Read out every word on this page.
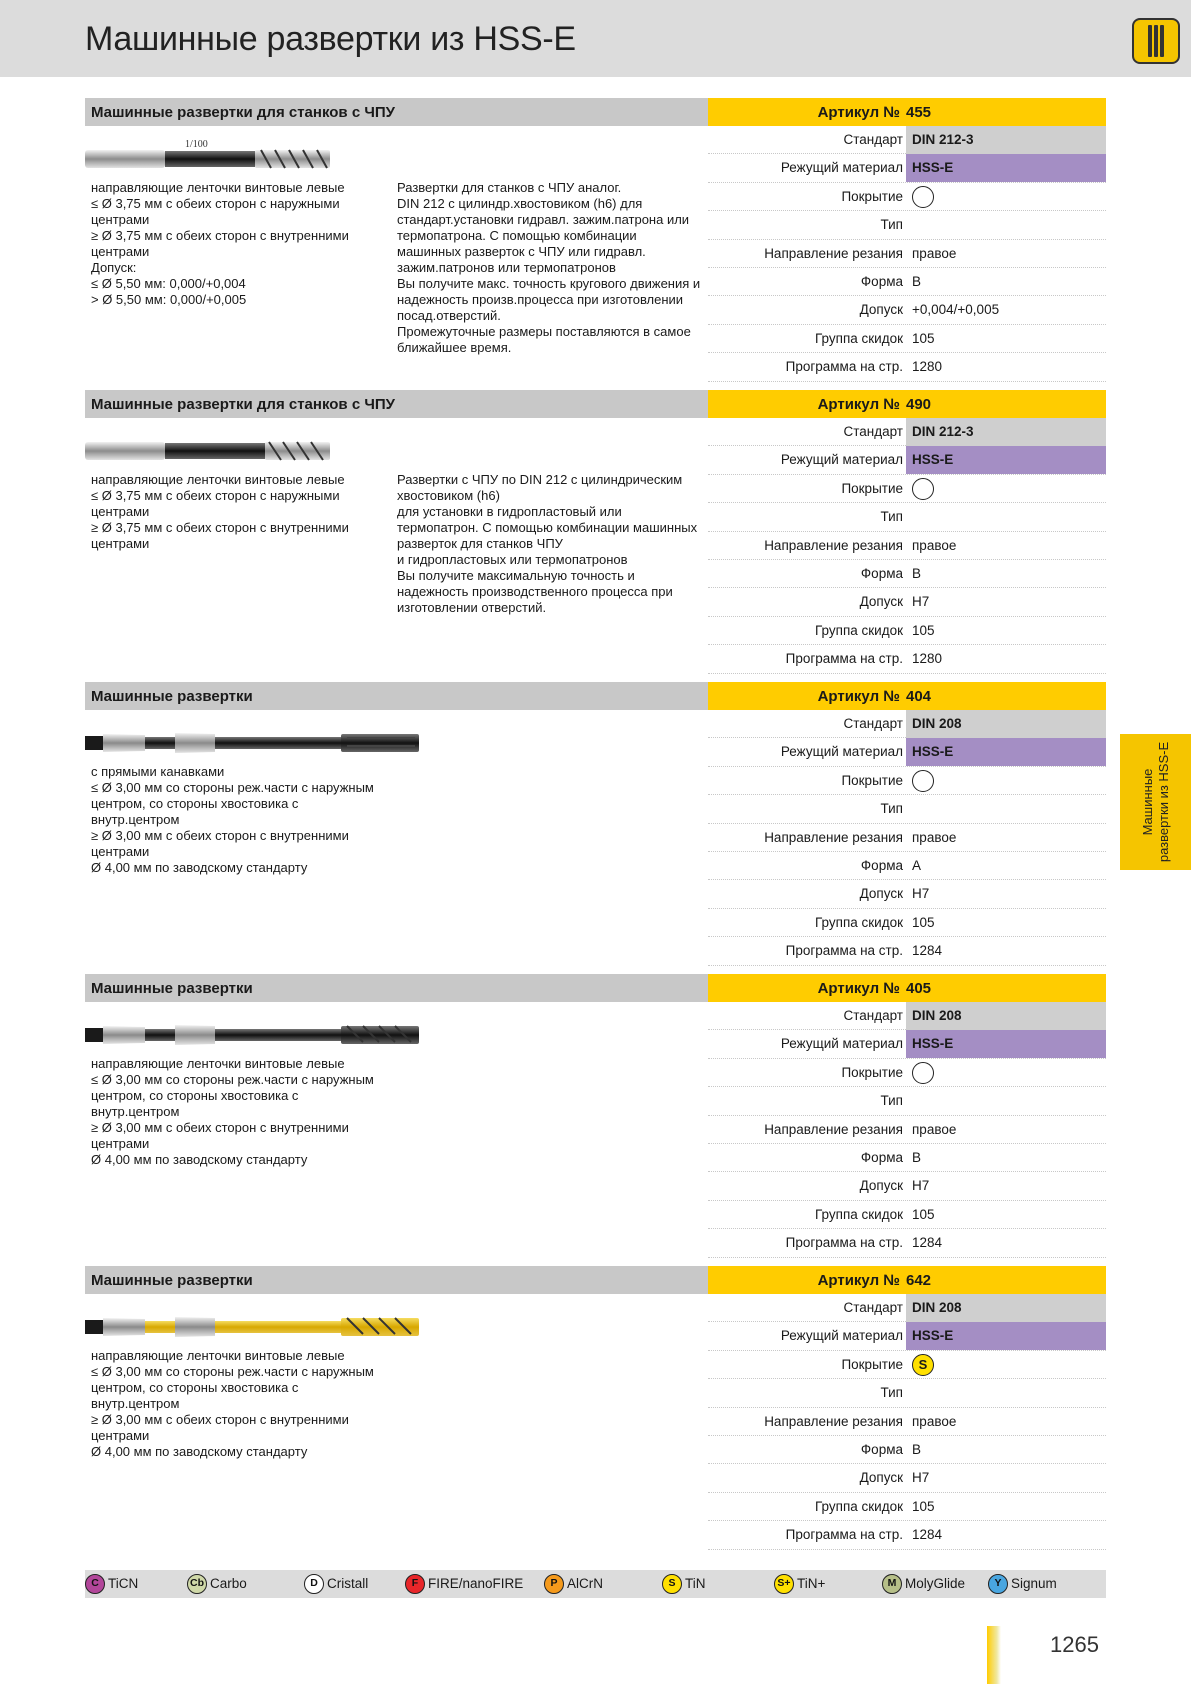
Машинные развертки из HSS-E
Машинные развертки из HSS-E
Машинные развертки для станков с ЧПУ	Артикул № 455
1/100
направляющие ленточки винтовые левые
≤ Ø 3,75 мм с обеих сторон с наружными центрами
≥ Ø 3,75 мм с обеих сторон с внутренними центрами
Допуск:
≤ Ø 5,50 мм: 0,000/+0,004
> Ø 5,50 мм: 0,000/+0,005
Развертки для станков с ЧПУ аналог.
DIN 212 с цилиндр.хвостовиком (h6) для стандарт.установки гидравл. зажим.патрона или термопатрона. С помощью комбинации машинных разверток с ЧПУ или гидравл. зажим.патронов или термопатронов
Вы получите макс. точность кругового движения и надежность произв.процесса при изготовлении посад.отверстий.
Промежуточные размеры поставляются в самое ближайшее время.
Стандарт DIN 212-3
Режущий материал HSS-E
Покрытие
Тип
Направление резания правое
Форма B
Допуск +0,004/+0,005
Группа скидок 105
Программа на стр. 1280
Машинные развертки для станков с ЧПУ	Артикул № 490
направляющие ленточки винтовые левые
≤ Ø 3,75 мм с обеих сторон с наружными центрами
≥ Ø 3,75 мм с обеих сторон с внутренними центрами
Развертки с ЧПУ по DIN 212 с цилиндрическим хвостовиком (h6)
для установки в гидропластовый или термопатрон. С помощью комбинации машинных разверток для станков ЧПУ
и гидропластовых или термопатронов
Вы получите максимальную точность и надежность производственного процесса при изготовлении отверстий.
Стандарт DIN 212-3
Режущий материал HSS-E
Покрытие
Тип
Направление резания правое
Форма B
Допуск H7
Группа скидок 105
Программа на стр. 1280
Машинные развертки	Артикул № 404
с прямыми канавками
≤ Ø 3,00 мм со стороны реж.части с наружным центром, со стороны хвостовика с внутр.центром
≥ Ø 3,00 мм с обеих сторон с внутренними центрами
Ø 4,00 мм по заводскому стандарту
Стандарт DIN 208
Режущий материал HSS-E
Покрытие
Тип
Направление резания правое
Форма A
Допуск H7
Группа скидок 105
Программа на стр. 1284
Машинные развертки	Артикул № 405
направляющие ленточки винтовые левые
≤ Ø 3,00 мм со стороны реж.части с наружным центром, со стороны хвостовика с внутр.центром
≥ Ø 3,00 мм с обеих сторон с внутренними центрами
Ø 4,00 мм по заводскому стандарту
Стандарт DIN 208
Режущий материал HSS-E
Покрытие
Тип
Направление резания правое
Форма B
Допуск H7
Группа скидок 105
Программа на стр. 1284
Машинные развертки	Артикул № 642
направляющие ленточки винтовые левые
≤ Ø 3,00 мм со стороны реж.части с наружным центром, со стороны хвостовика с внутр.центром
≥ Ø 3,00 мм с обеих сторон с внутренними центрами
Ø 4,00 мм по заводскому стандарту
Стандарт DIN 208
Режущий материал HSS-E
Покрытие	S
Тип
Направление резания правое
Форма B
Допуск H7
Группа скидок 105
Программа на стр. 1284
C TiCN	Cb Carbo	D Cristall	F FIRE/nanoFIRE	P AlCrN	S TiN	S+ TiN+	M MolyGlide	Y Signum
1265
